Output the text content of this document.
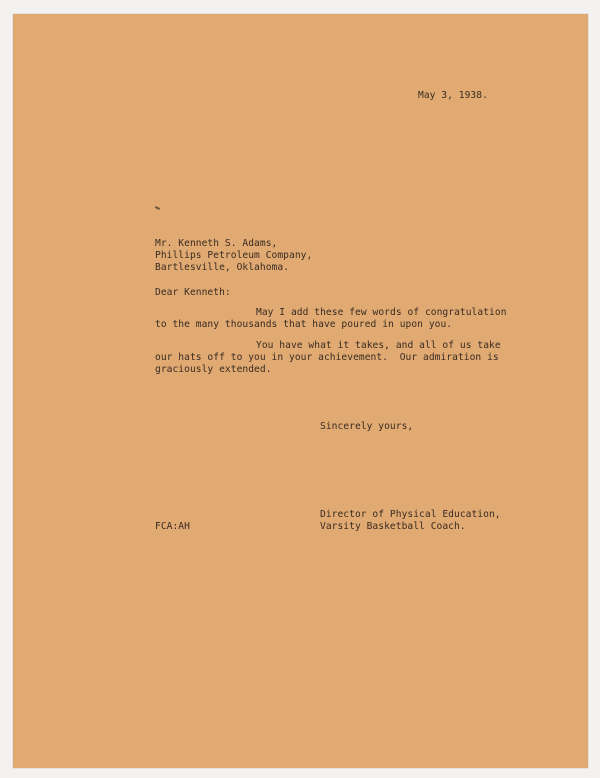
May 3, 1938.
Mr. Kenneth S. Adams,
Phillips Petroleum Company,
Bartlesville, Oklahoma.
Dear Kenneth:
May I add these few words of congratulation
to the many thousands that have poured in upon you.
You have what it takes, and all of us take
our hats off to you in your achievement.  Our admiration is
graciously extended.
Sincerely yours,
Director of Physical Education,
Varsity Basketball Coach.
FCA:AH
